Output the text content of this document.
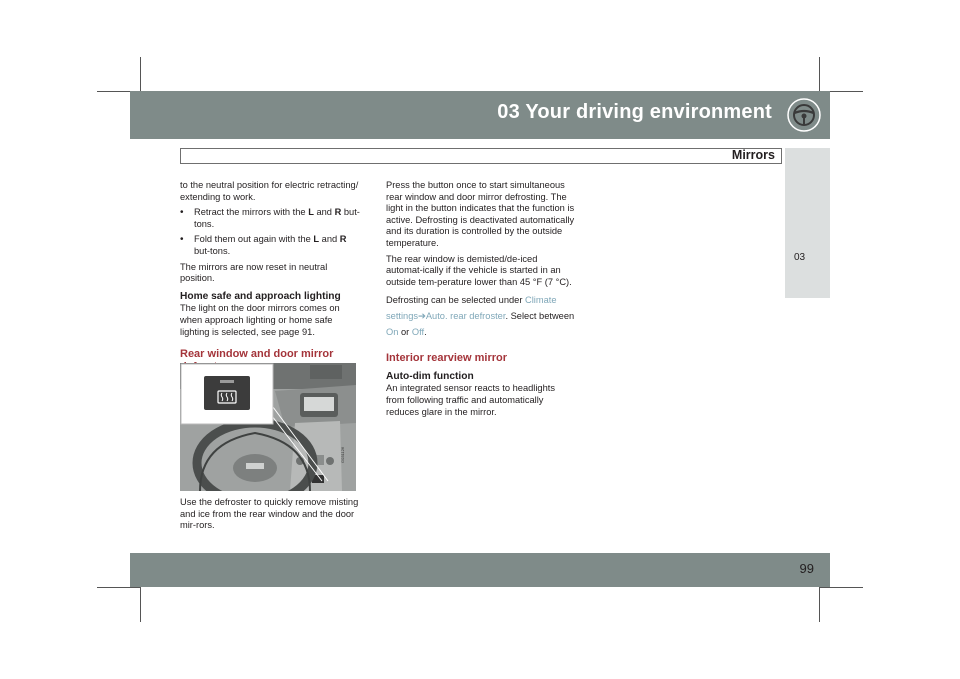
03 Your driving environment
Mirrors
03

to the neutral position for electric retracting/ extending to work.

•	Retract the mirrors with the L and R but-tons.
•	Fold them out again with the L and R but-tons.

The mirrors are now reset in neutral position.

Home safe and approach lighting

The light on the door mirrors comes on when approach lighting or home safe lighting is selected, see page 91.

Rear window and door mirror
G031126

Use the defroster to quickly remove misting and ice from the rear window and the door mir-rors.

Press the button once to start simultaneous rear window and door mirror defrosting. The light in the button indicates that the function is active. Defrosting is deactivated automatically and its duration is controlled by the outside temperature.

The rear window is demisted/de-iced automat-ically if the vehicle is started in an outside tem-perature lower than 45 °F (7 °C).

Defrosting can be selected under Climate settings➔Auto. rear defroster. Select between On or Off.

Interior rearview mirror
Auto-dim function

An integrated sensor reacts to headlights from following traffic and automatically reduces glare in the mirror.

99
